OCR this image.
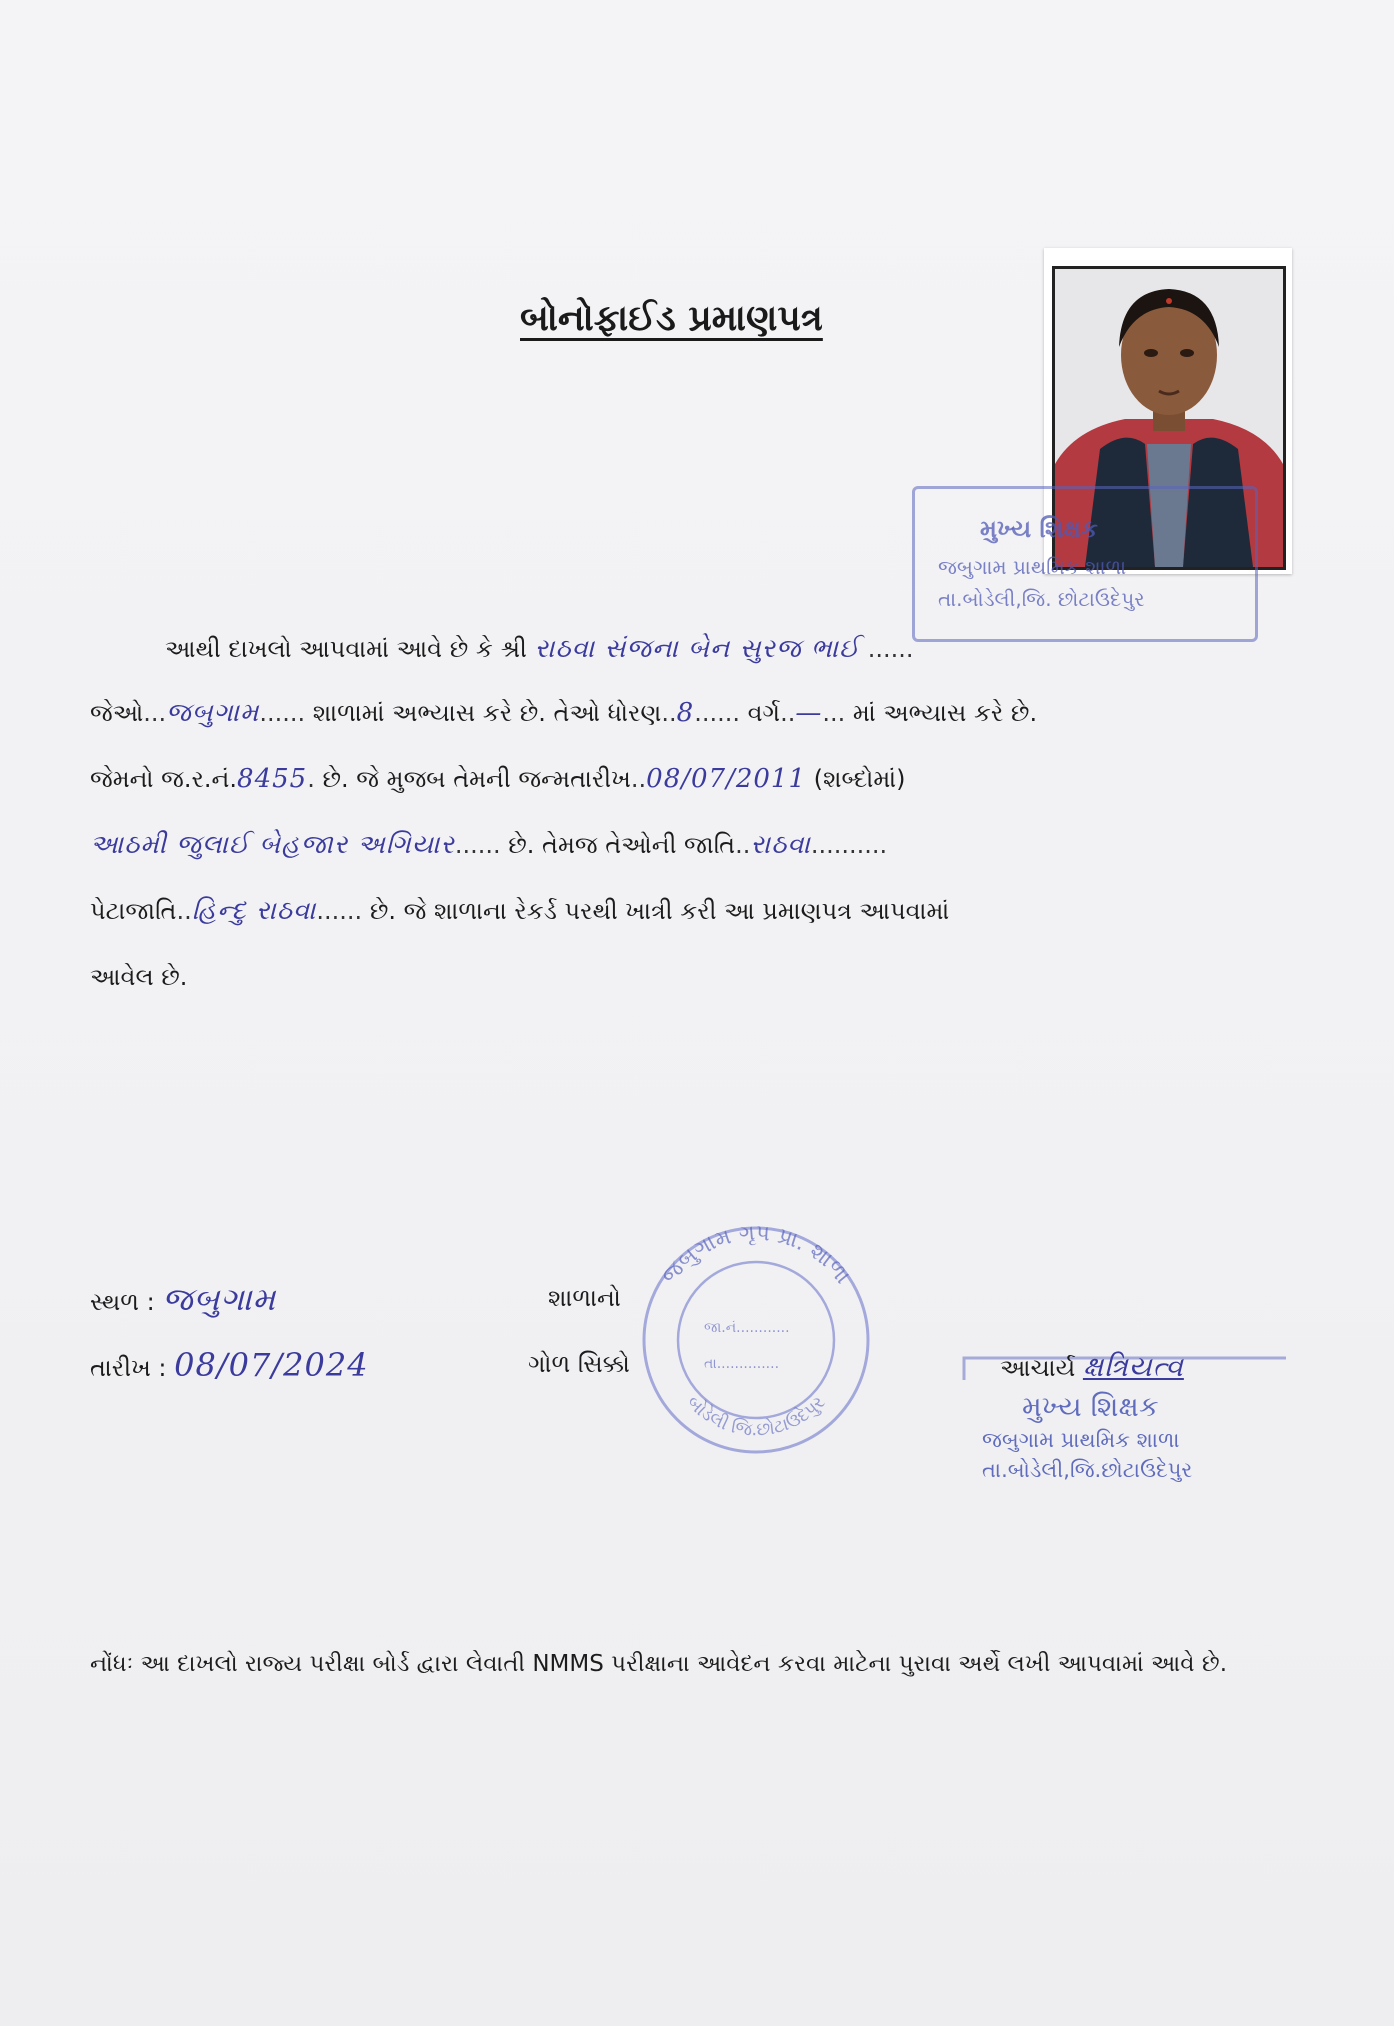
બોનોફાઈડ પ્રમાણપત્ર
મુખ્ય શિક્ષક
જબુગામ પ્રાથમિક શાળા
તા.બોડેલી,જિ. છોટાઉદેપુર
આથી દાખલો આપવામાં આવે છે કે શ્રી રાઠવા સંજના બેન સુરજ ભાઈ ......
જેઓ...જબુગામ...... શાળામાં અભ્યાસ કરે છે. તેઓ ધોરણ..8...... વર્ગ..—... માં અભ્યાસ કરે છે.
જેમનો જ.ર.નં.8455. છે. જે મુજબ તેમની જન્મતારીખ..08/07/2011 (શબ્દોમાં)
આઠમી જુલાઈ બેહજાર અગિયાર...... છે. તેમજ તેઓની જાતિ..રાઠવા..........
પેટાજાતિ..હિન્દુ રાઠવા...... છે. જે શાળાના રેકર્ડ પરથી ખાત્રી કરી આ પ્રમાણપત્ર આપવામાં
આવેલ છે.
સ્થળ : જબુગામ
તારીખ : 08/07/2024
શાળાનો
ગોળ સિક્કો
જબુગામ ગૃપ પ્રા. શાળા
બોડેલી જિ.છોટાઉદેપુર
જા.નં............
તા..............	આચાર્ય ક્ષત્રિયત્વ
મુખ્ય શિક્ષક
જબુગામ પ્રાથમિક શાળા
તા.બોડેલી,જિ.છોટાઉદેપુર
નોંધઃ આ દાખલો રાજ્ય પરીક્ષા બોર્ડ દ્વારા લેવાતી NMMS પરીક્ષાના આવેદન કરવા માટેના પુરાવા અર્થે લખી આપવામાં આવે છે.
